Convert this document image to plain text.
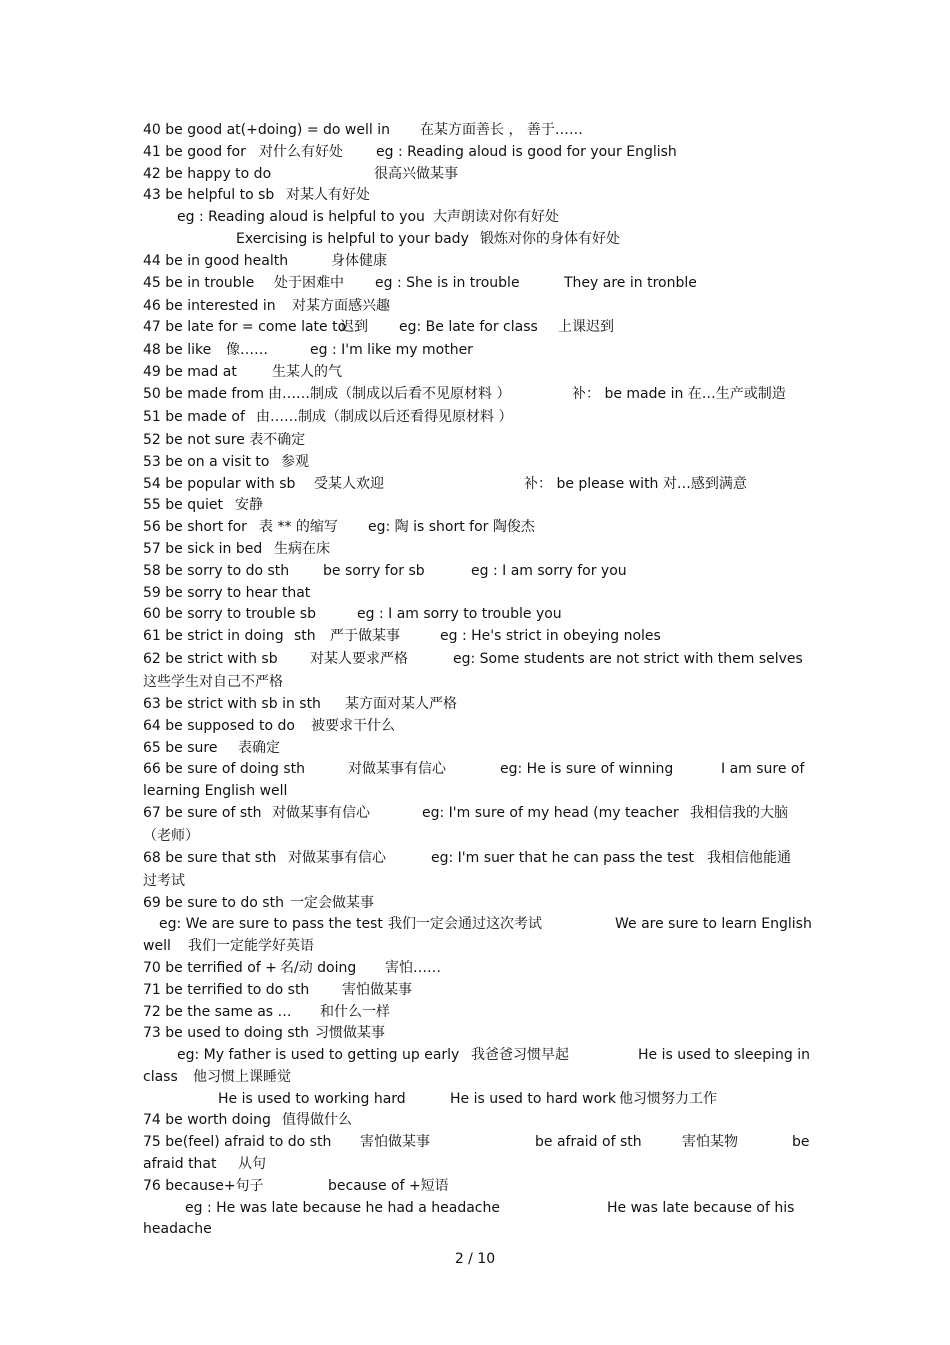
40 be good at(+doing) = do well in 在某方面善长 ， 善于……
41 be good for 对什么有好处 eg : Reading aloud is good for your English
42 be happy to do	很高兴做某事
43 be helpful to sb 对某人有好处
eg : Reading aloud is helpful to you 大声朗读对你有好处
Exercising is helpful to your bady 锻炼对你的身体有好处
44 be in good health	身体健康
45 be in trouble 处于困难中 eg : She is in trouble	They are in tronble
46 be interested in 对某方面感兴趣
47 be late for = come late to
迟到 eg: Be late for class 上课迟到
48 be like 像……	eg : I'm like my mother
49 be mad at	生某人的气
50 be made from 由……制成（制成以后看不见原材料 ）	补： be made in 在…生产或制造
51 be made of 由……制成（制成以后还看得见原材料 ）
52 be not sure 表不确定
53 be on a visit to 参观
54 be popular with sb 受某人欢迎	补： be please with 对…感到满意
55 be quiet 安静
56 be short for 表 ** 的缩写 eg: 陶 is short for 陶俊杰
57 be sick in bed 生病在床
58 be sorry to do sth be sorry for sb	eg : I am sorry for you
59 be sorry to hear that
60 be sorry to trouble sb	eg : I am sorry to trouble you
61 be strict in doing sth 严于做某事	eg : He's strict in obeying noles
62 be strict with sb 对某人要求严格	eg: Some students are not strict with them selves
这些学生对自己不严格
63 be strict with sb in sth 某方面对某人严格
64 be supposed to do 被要求干什么
65 be sure 表确定
66 be sure of doing sth	对做某事有信心	eg: He is sure of winning	I am sure of
learning English well
67 be sure of sth 对做某事有信心	eg: I'm sure of my head (my teacher 我相信我的大脑
（老师）
68 be sure that sth 对做某事有信心	eg: I'm suer that he can pass the test 我相信他能通
过考试
69 be sure to do sth 一定会做某事
eg: We are sure to pass the test 我们一定会通过这次考试	We are sure to learn English
well 我们一定能学好英语
70 be terrified of + 名/动 doing 害怕……
71 be terrified to do sth 害怕做某事
72 be the same as … 和什么一样
73 be used to doing sth 习惯做某事
eg: My father is used to getting up early 我爸爸习惯早起	He is used to sleeping in
class 他习惯上课睡觉
He is used to working hard	He is used to hard work 他习惯努力工作
74 be worth doing 值得做什么
75 be(feel) afraid to do sth 害怕做某事	be afraid of sth	害怕某物	be
afraid that 从句
76 because+句子	because of +短语
eg : He was late because he had a headache	He was late because of his
headache
2 / 10
